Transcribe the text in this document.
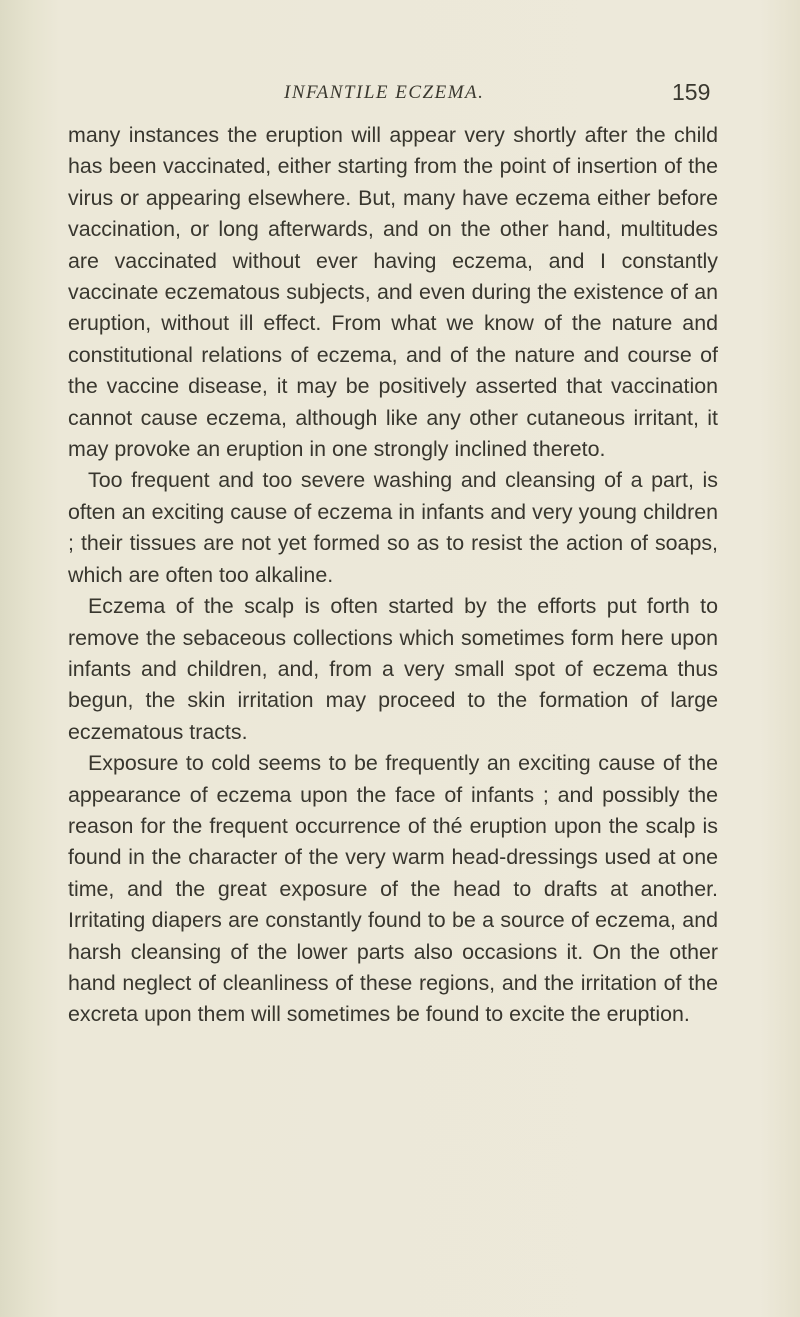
INFANTILE ECZEMA.	159

many instances the eruption will appear very shortly after the child has been vaccinated, either starting from the point of insertion of the virus or appearing elsewhere. But, many have eczema either before vaccination, or long afterwards, and on the other hand, multitudes are vaccinated without ever having eczema, and I constantly vaccinate eczematous subjects, and even during the existence of an eruption, without ill effect. From what we know of the nature and constitutional relations of eczema, and of the nature and course of the vaccine disease, it may be positively asserted that vaccination cannot cause eczema, although like any other cutaneous irritant, it may provoke an eruption in one strongly inclined thereto.

Too frequent and too severe washing and cleansing of a part, is often an exciting cause of eczema in infants and very young children ; their tissues are not yet formed so as to resist the action of soaps, which are often too alkaline.

Eczema of the scalp is often started by the efforts put forth to remove the sebaceous collections which sometimes form here upon infants and children, and, from a very small spot of eczema thus begun, the skin irritation may proceed to the formation of large eczematous tracts.

Exposure to cold seems to be frequently an exciting cause of the appearance of eczema upon the face of infants ; and possibly the reason for the frequent occurrence of thé eruption upon the scalp is found in the character of the very warm head-dressings used at one time, and the great exposure of the head to drafts at another. Irritating diapers are constantly found to be a source of eczema, and harsh cleansing of the lower parts also occasions it. On the other hand neglect of cleanliness of these regions, and the irritation of the excreta upon them will sometimes be found to excite the eruption.
